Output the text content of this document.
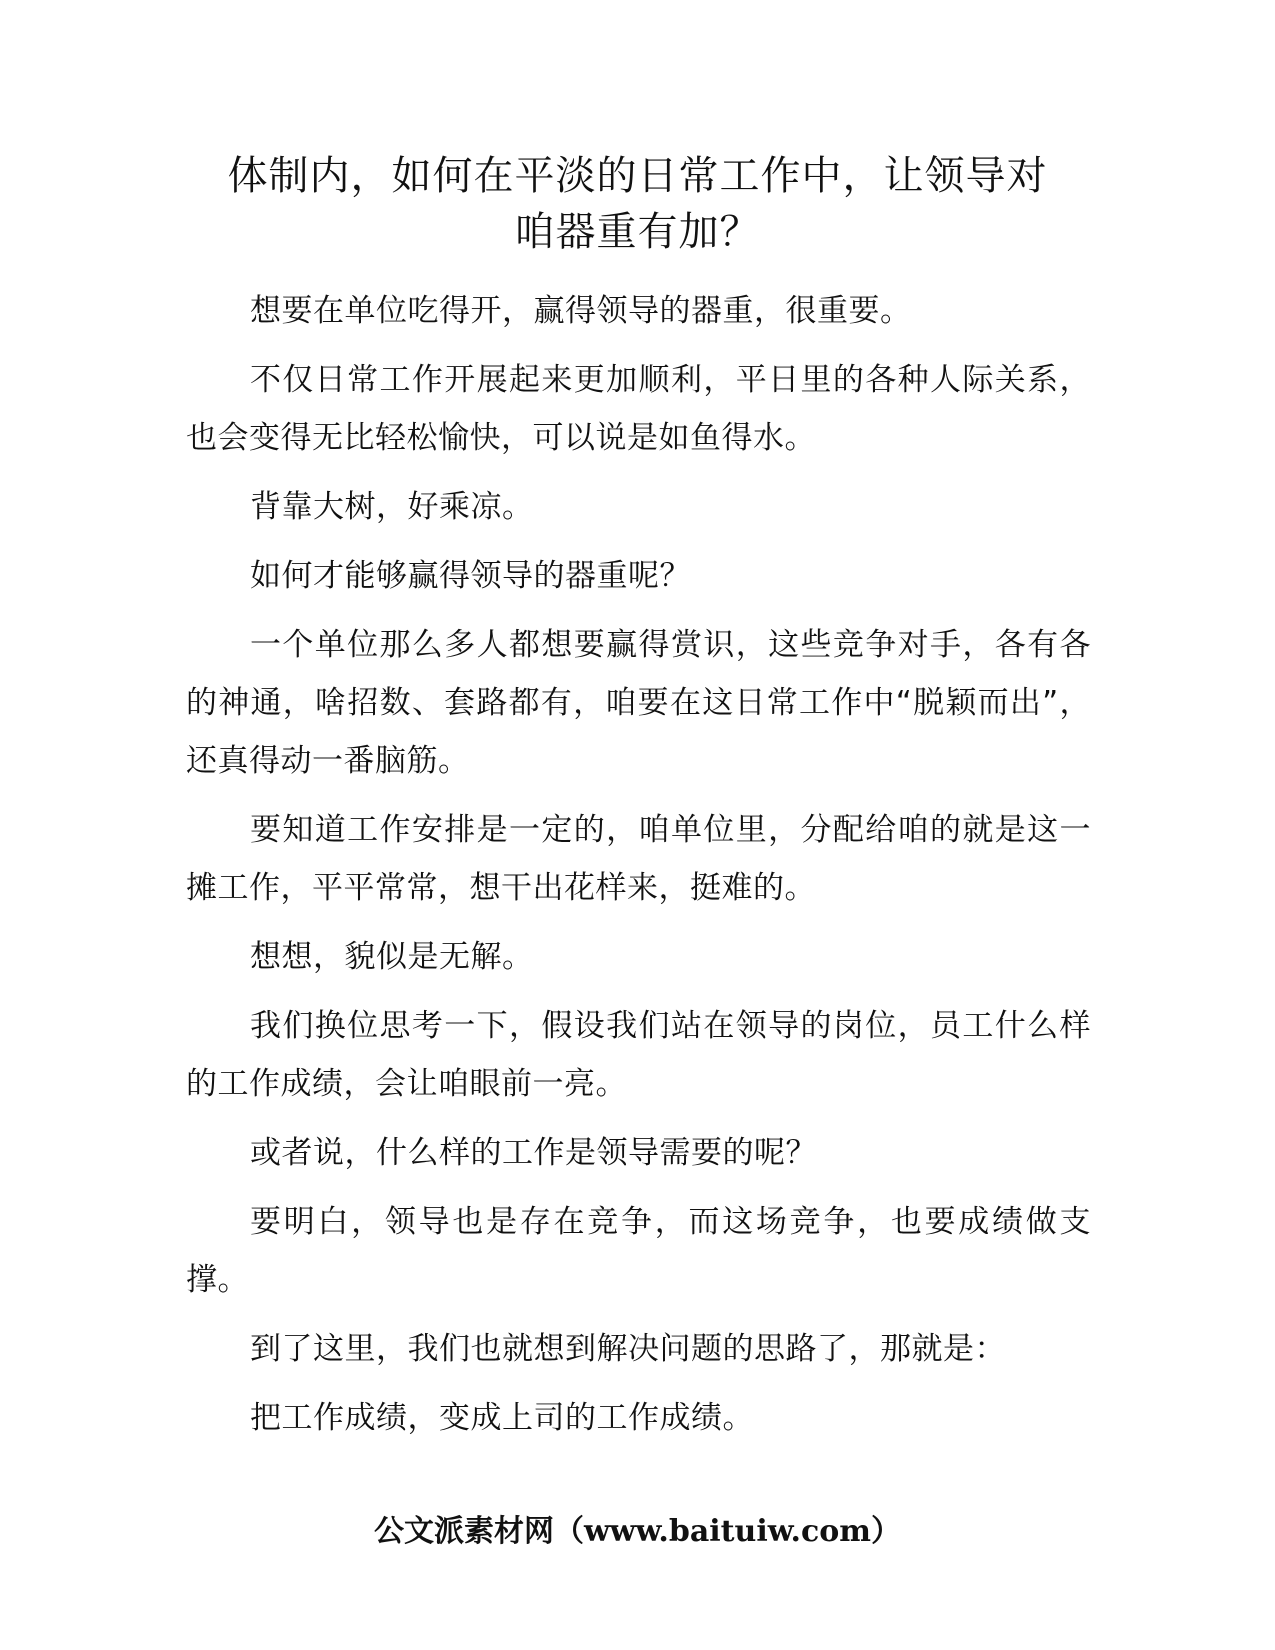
体制内，如何在平淡的日常工作中，让领导对
咱器重有加？

想要在单位吃得开，赢得领导的器重，很重要。

不仅日常工作开展起来更加顺利，平日里的各种人际关系，也会变得无比轻松愉快，可以说是如鱼得水。

背靠大树，好乘凉。

如何才能够赢得领导的器重呢？

一个单位那么多人都想要赢得赏识，这些竞争对手，各有各的神通，啥招数、套路都有，咱要在这日常工作中“脱颖而出”，还真得动一番脑筋。

要知道工作安排是一定的，咱单位里，分配给咱的就是这一摊工作，平平常常，想干出花样来，挺难的。

想想，貌似是无解。

我们换位思考一下，假设我们站在领导的岗位，员工什么样的工作成绩，会让咱眼前一亮。

或者说，什么样的工作是领导需要的呢？

要明白，领导也是存在竞争，而这场竞争，也要成绩做支撑。

到了这里，我们也就想到解决问题的思路了，那就是：

把工作成绩，变成上司的工作成绩。

公文派素材网（www.baituiw.com）
